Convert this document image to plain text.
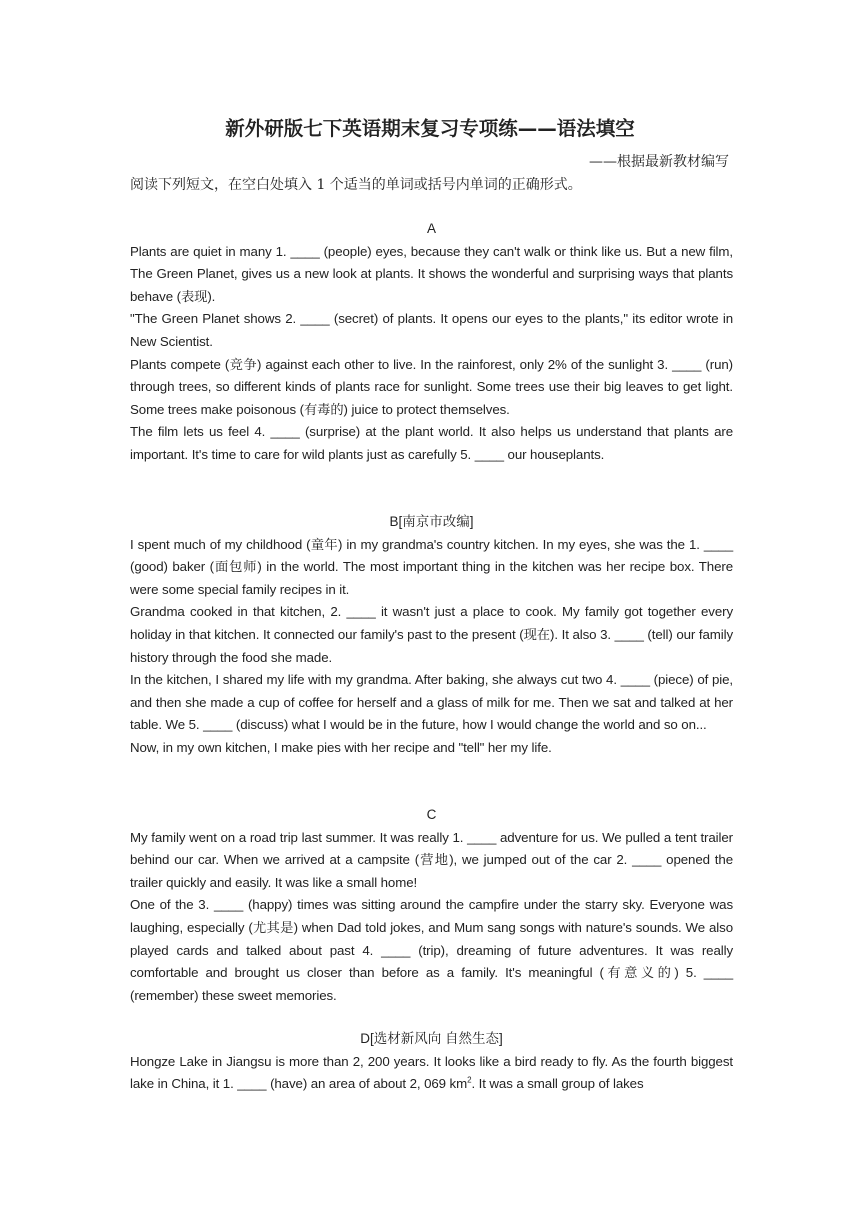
新外研版七下英语期末复习专项练——语法填空

——根据最新教材编写

阅读下列短文，在空白处填入 1 个适当的单词或括号内单词的正确形式。

A

Plants are quiet in many 1. ____ (people) eyes, because they can't walk or think like us. But a new film, The Green Planet, gives us a new look at plants. It shows the wonderful and surprising ways that plants behave (表现).

"The Green Planet shows 2. ____ (secret) of plants. It opens our eyes to the plants," its editor wrote in New Scientist.

Plants compete (竞争) against each other to live. In the rainforest, only 2% of the sunlight 3. ____ (run) through trees, so different kinds of plants race for sunlight. Some trees use their big leaves to get light. Some trees make poisonous (有毒的) juice to protect themselves.

The film lets us feel 4. ____ (surprise) at the plant world. It also helps us understand that plants are important. It's time to care for wild plants just as carefully 5. ____ our houseplants.

B[南京市改编]

I spent much of my childhood (童年) in my grandma's country kitchen. In my eyes, she was the 1. ____ (good) baker (面包师) in the world. The most important thing in the kitchen was her recipe box. There were some special family recipes in it.

Grandma cooked in that kitchen, 2. ____ it wasn't just a place to cook. My family got together every holiday in that kitchen. It connected our family's past to the present (现在). It also 3. ____ (tell) our family history through the food she made.

In the kitchen, I shared my life with my grandma. After baking, she always cut two 4. ____ (piece) of pie, and then she made a cup of coffee for herself and a glass of milk for me. Then we sat and talked at her table. We 5. ____ (discuss) what I would be in the future, how I would change the world and so on...

Now, in my own kitchen, I make pies with her recipe and "tell" her my life.

C

My family went on a road trip last summer. It was really 1. ____ adventure for us. We pulled a tent trailer behind our car. When we arrived at a campsite (营地), we jumped out of the car 2. ____ opened the trailer quickly and easily. It was like a small home!

One of the 3. ____ (happy) times was sitting around the campfire under the starry sky. Everyone was laughing, especially (尤其是) when Dad told jokes, and Mum sang songs with nature's sounds. We also played cards and talked about past 4. ____ (trip), dreaming of future adventures. It was really comfortable and brought us closer than before as a family. It's meaningful (有意义的) 5. ____ (remember) these sweet memories.

D[选材新风向 自然生态]

Hongze Lake in Jiangsu is more than 2, 200 years. It looks like a bird ready to fly. As the fourth biggest lake in China, it 1. ____ (have) an area of about 2, 069 $km^2$. It was a small group of lakes
